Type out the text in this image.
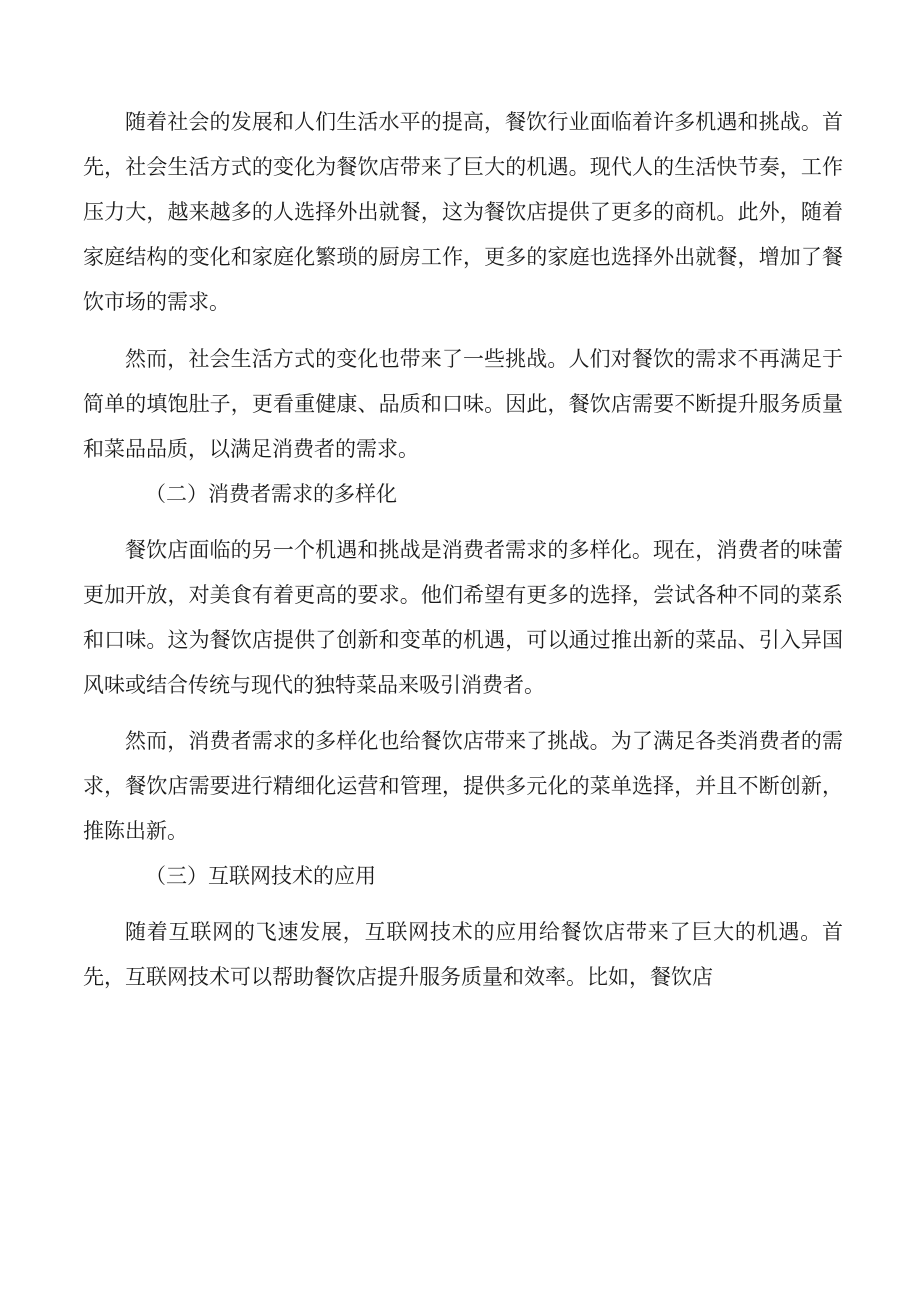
随着社会的发展和人们生活水平的提高，餐饮行业面临着许多机遇和挑战。首先，社会生活方式的变化为餐饮店带来了巨大的机遇。现代人的生活快节奏，工作压力大，越来越多的人选择外出就餐，这为餐饮店提供了更多的商机。此外，随着家庭结构的变化和家庭化繁琐的厨房工作，更多的家庭也选择外出就餐，增加了餐饮市场的需求。

然而，社会生活方式的变化也带来了一些挑战。人们对餐饮的需求不再满足于简单的填饱肚子，更看重健康、品质和口味。因此，餐饮店需要不断提升服务质量和菜品品质，以满足消费者的需求。

（二）消费者需求的多样化

餐饮店面临的另一个机遇和挑战是消费者需求的多样化。现在，消费者的味蕾更加开放，对美食有着更高的要求。他们希望有更多的选择，尝试各种不同的菜系和口味。这为餐饮店提供了创新和变革的机遇，可以通过推出新的菜品、引入异国风味或结合传统与现代的独特菜品来吸引消费者。

然而，消费者需求的多样化也给餐饮店带来了挑战。为了满足各类消费者的需求，餐饮店需要进行精细化运营和管理，提供多元化的菜单选择，并且不断创新，推陈出新。

（三）互联网技术的应用

随着互联网的飞速发展，互联网技术的应用给餐饮店带来了巨大的机遇。首先，互联网技术可以帮助餐饮店提升服务质量和效率。比如，餐饮店
